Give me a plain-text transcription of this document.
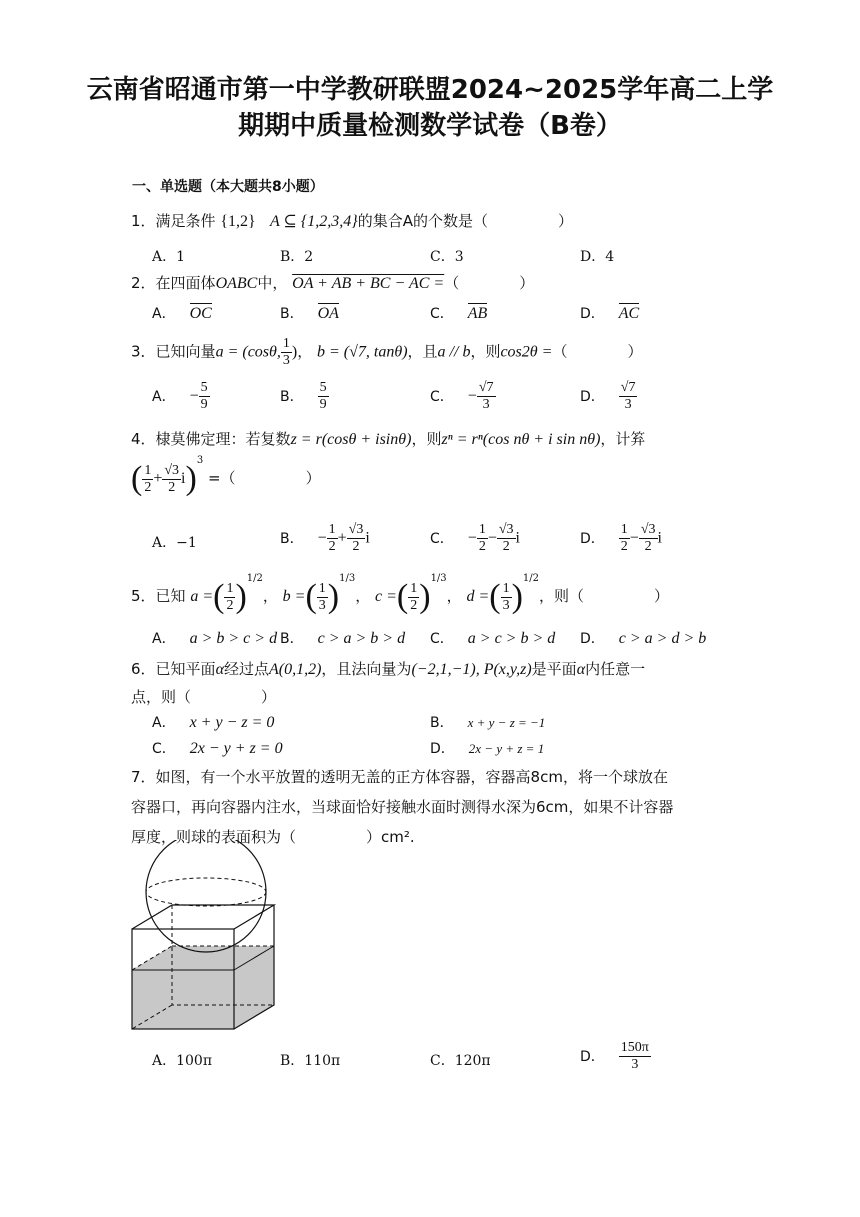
云南省昭通市第一中学教研联盟2024~2025学年高二上学
期期中质量检测数学试卷（B卷）
一、单选题（本大题共8小题）
1．满足条件 {1,2} A ⊆ {1,2,3,4}的集合A的个数是（	）
A．1	B．2	C．3	D．4
2．在四面体OABC中， OA + AB + BC − AC =（	）
A． OC	B． OA	C． AB	D． AC
3．已知向量a = (cosθ, $\frac{1}{3}$ )， b = (√7, tanθ)，且a // b，则cos2θ =（	）
A． − $\frac{5}{9}$	B． $\frac{5}{9}$	C． − $\frac{√7}{3}$	D． $\frac{√7}{3}$
4．棣莫佛定理：若复数z = r(cosθ + isinθ)，则zⁿ = rⁿ(cos nθ + i sin nθ)，计笲
( $\frac{1}{2} + \frac{√3}{2} i)^3$ =（	）
A．−1	B． − $\frac{1}{2} + \frac{√3}{2}$ i	C． − $\frac{1}{2} - \frac{√3}{2}$ i	D． $\frac{1}{2} - \frac{√3}{2}$ i
5．已知 a =( $\frac{1}{2} )^{1/2}$， b =( $\frac{1}{3} )^{1/3}$， c =( $\frac{1}{2} )^{1/3}$， d =( $\frac{1}{3} )^{1/2}$，则（	）
A． a > b > c > d B． c > a > b > d C． a > c > b > d D． c > a > d > b
6．已知平面α经过点A(0,1,2)，且法向量为(−2,1,−1), P(x,y,z)是平面α内任意一
点，则（	）
A． x + y − z = 0	B． x + y − z = −1
C． 2x − y + z = 0	D． 2x − y + z = 1
7．如图，有一个水平放置的透明无盖的正方体容器，容器高8cm，将一个球放在
容器口，再向容器内注水，当球面恰好接触水面时测得水深为6cm，如果不计容器
厚度，则球的表面积为（	）cm².
A．100π	B．110π	C．120π	D． $\frac{150\pi}{3}$
